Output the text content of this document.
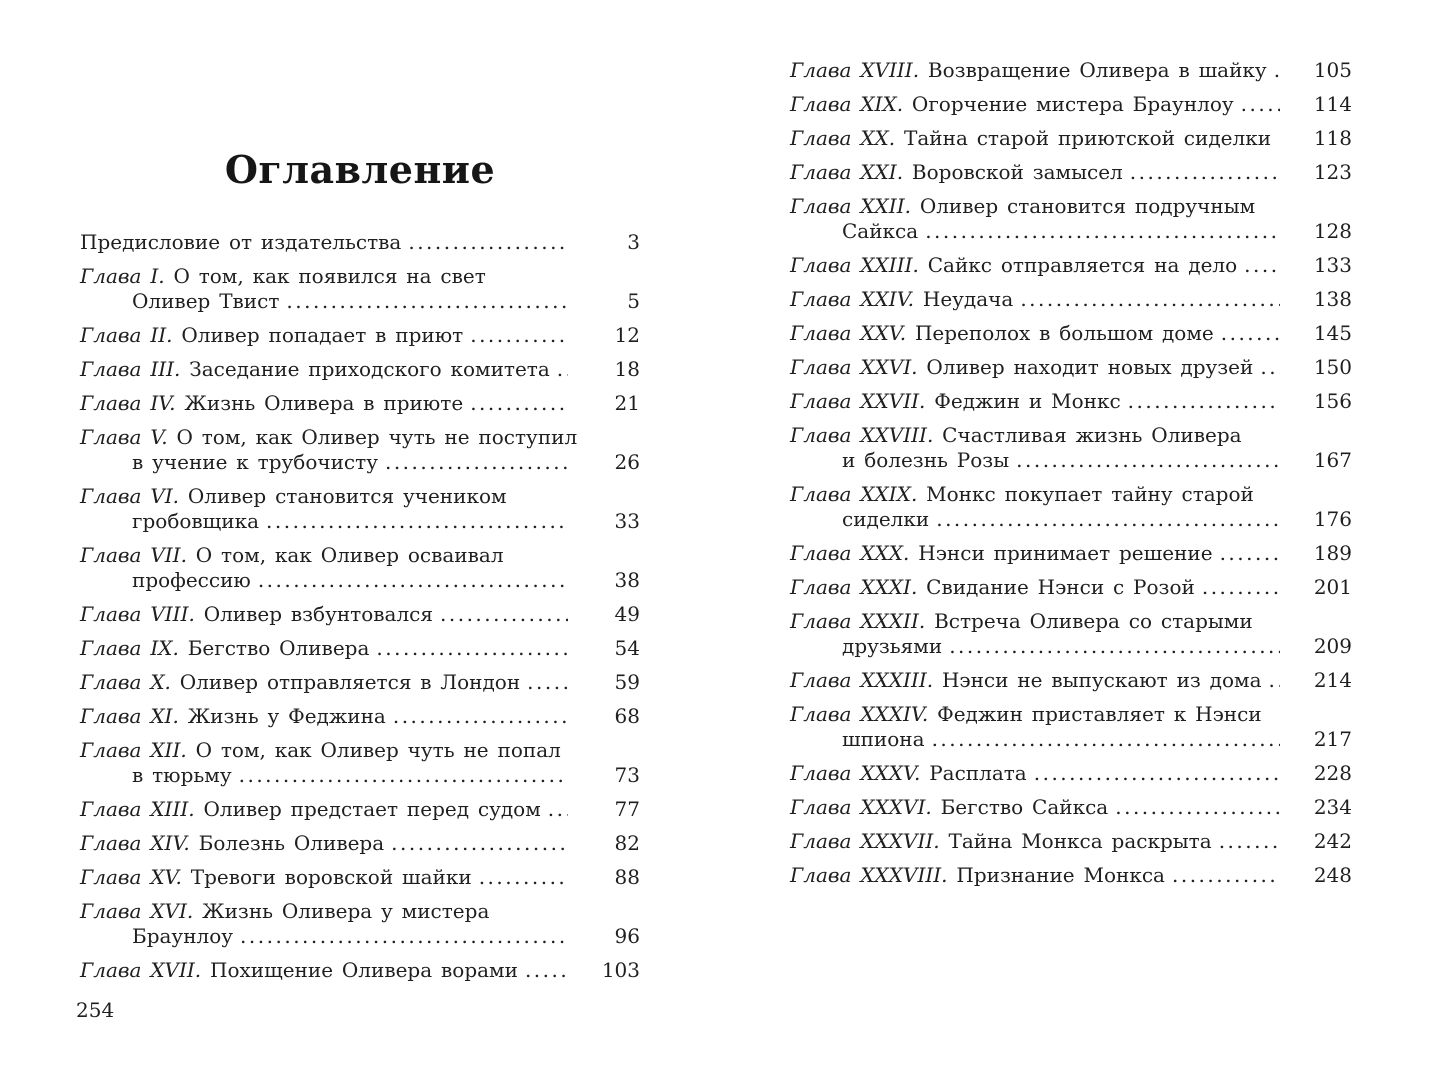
Оглавление
Предисловие от издательства .....	3
Глава I. О том, как появился на свет
Оливер Твист .....	5
Глава II. Оливер попадает в приют .....	12
Глава III. Заседание приходского комитета .....	18
Глава IV. Жизнь Оливера в приюте .....	21
Глава V. О том, как Оливер чуть не поступил
в учение к трубочисту .....	26
Глава VI. Оливер становится учеником
гробовщика .....	33
Глава VII. О том, как Оливер осваивал
профессию .....	38
Глава VIII. Оливер взбунтовался .....	49
Глава IX. Бегство Оливера .....	54
Глава X. Оливер отправляется в Лондон .....	59
Глава XI. Жизнь у Феджина .....	68
Глава XII. О том, как Оливер чуть не попал
в тюрьму .....	73
Глава XIII. Оливер предстает перед судом .....	77
Глава XIV. Болезнь Оливера .....	82
Глава XV. Тревоги воровской шайки .....	88
Глава XVI. Жизнь Оливера у мистера
Браунлоу .....	96
Глава XVII. Похищение Оливера ворами .....	103
Глава XVIII. Возвращение Оливера в шайку .....	105
Глава XIX. Огорчение мистера Браунлоу .....	114
Глава XX. Тайна старой приютской сиделки .....	118
Глава XXI. Воровской замысел .....	123
Глава XXII. Оливер становится подручным
Сайкса .....	128
Глава XXIII. Сайкс отправляется на дело .....	133
Глава XXIV. Неудача .....	138
Глава XXV. Переполох в большом доме .....	145
Глава XXVI. Оливер находит новых друзей .....	150
Глава XXVII. Феджин и Монкс .....	156
Глава XXVIII. Счастливая жизнь Оливера
и болезнь Розы .....	167
Глава XXIX. Монкс покупает тайну старой
сиделки .....	176
Глава XXX. Нэнси принимает решение .....	189
Глава XXXI. Свидание Нэнси с Розой .....	201
Глава XXXII. Встреча Оливера со старыми
друзьями .....	209
Глава XXXIII. Нэнси не выпускают из дома .....	214
Глава XXXIV. Феджин приставляет к Нэнси
шпиона .....	217
Глава XXXV. Расплата .....	228
Глава XXXVI. Бегство Сайкса .....	234
Глава XXXVII. Тайна Монкса раскрыта .....	242
Глава XXXVIII. Признание Монкса .....	248
254
